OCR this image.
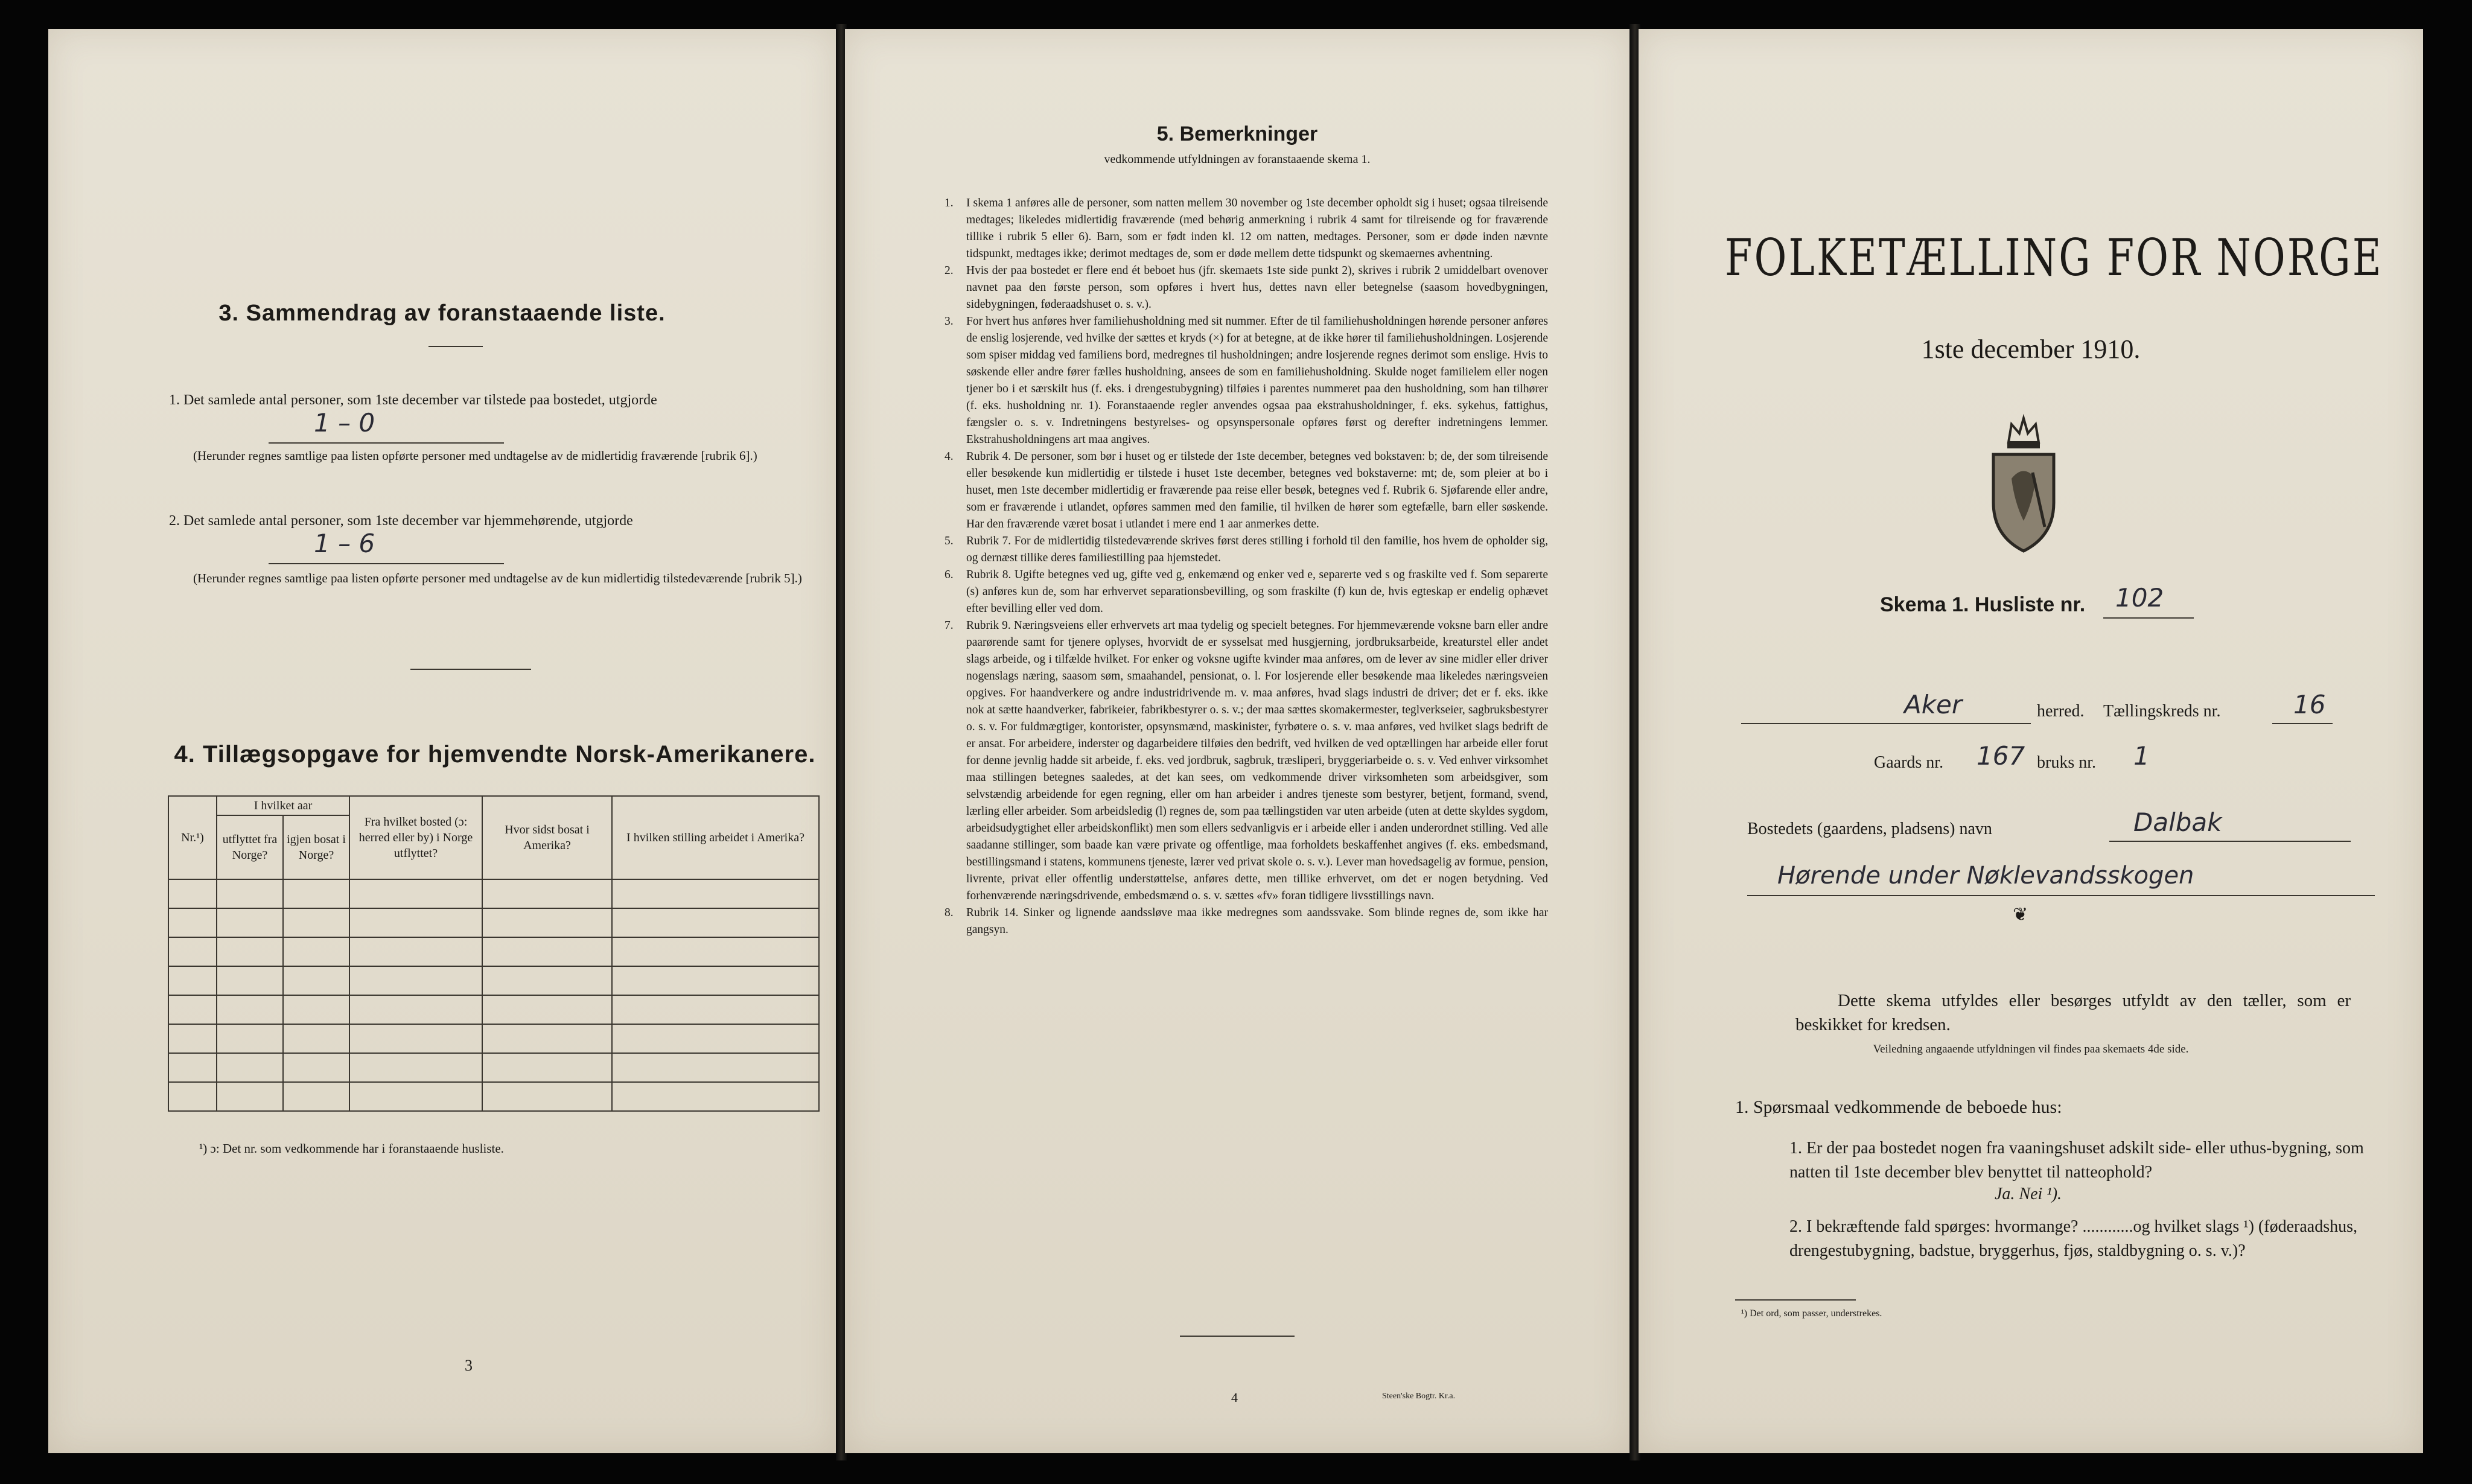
3. Sammendrag av foranstaaende liste.
1. Det samlede antal personer, som 1ste december var tilstede paa bostedet, utgjorde
1 – 0
(Herunder regnes samtlige paa listen opførte personer med undtagelse av de midlertidig fraværende [rubrik 6].)
2. Det samlede antal personer, som 1ste december var hjemmehørende, utgjorde
1 – 6
(Herunder regnes samtlige paa listen opførte personer med undtagelse av de kun midlertidig tilstedeværende [rubrik 5].)
4. Tillægsopgave for hjemvendte Norsk-Amerikanere.
Nr.¹)	I hvilket aar		Fra hvilket bosted (ɔ: herred eller by) i Norge utflyttet?	Hvor sidst bosat i Amerika?	I hvilken stilling arbeidet i Amerika?
	utflyttet fra Norge?	igjen bosat i Norge?			

¹) ɔ: Det nr. som vedkommende har i foranstaaende husliste.
3
5. Bemerkninger
vedkommende utfyldningen av foranstaaende skema 1.
1.	I skema 1 anføres alle de personer, som natten mellem 30 november og 1ste december opholdt sig i huset; ogsaa tilreisende medtages; likeledes midlertidig fraværende (med behørig anmerkning i rubrik 4 samt for tilreisende og for fraværende tillike i rubrik 5 eller 6). Barn, som er født inden kl. 12 om natten, medtages. Personer, som er døde inden nævnte tidspunkt, medtages ikke; derimot medtages de, som er døde mellem dette tidspunkt og skemaernes avhentning.
2.	Hvis der paa bostedet er flere end ét beboet hus (jfr. skemaets 1ste side punkt 2), skrives i rubrik 2 umiddelbart ovenover navnet paa den første person, som opføres i hvert hus, dettes navn eller betegnelse (saasom hovedbygningen, sidebygningen, føderaadshuset o. s. v.).
3.	For hvert hus anføres hver familiehusholdning med sit nummer. Efter de til familiehusholdningen hørende personer anføres de enslig losjerende, ved hvilke der sættes et kryds (×) for at betegne, at de ikke hører til familiehusholdningen. Losjerende som spiser middag ved familiens bord, medregnes til husholdningen; andre losjerende regnes derimot som enslige. Hvis to søskende eller andre fører fælles husholdning, ansees de som en familiehusholdning. Skulde noget familielem eller nogen tjener bo i et særskilt hus (f. eks. i drengestubygning) tilføies i parentes nummeret paa den husholdning, som han tilhører (f. eks. husholdning nr. 1). Foranstaaende regler anvendes ogsaa paa ekstrahusholdninger, f. eks. sykehus, fattighus, fængsler o. s. v. Indretningens bestyrelses- og opsynspersonale opføres først og derefter indretningens lemmer. Ekstrahusholdningens art maa angives.
4.	Rubrik 4. De personer, som bør i huset og er tilstede der 1ste december, betegnes ved bokstaven: b; de, der som tilreisende eller besøkende kun midlertidig er tilstede i huset 1ste december, betegnes ved bokstaverne: mt; de, som pleier at bo i huset, men 1ste december midlertidig er fraværende paa reise eller besøk, betegnes ved f. Rubrik 6. Sjøfarende eller andre, som er fraværende i utlandet, opføres sammen med den familie, til hvilken de hører som egtefælle, barn eller søskende. Har den fraværende været bosat i utlandet i mere end 1 aar anmerkes dette.
5.	Rubrik 7. For de midlertidig tilstedeværende skrives først deres stilling i forhold til den familie, hos hvem de opholder sig, og dernæst tillike deres familiestilling paa hjemstedet.
6.	Rubrik 8. Ugifte betegnes ved ug, gifte ved g, enkemænd og enker ved e, separerte ved s og fraskilte ved f. Som separerte (s) anføres kun de, som har erhvervet separationsbevilling, og som fraskilte (f) kun de, hvis egteskap er endelig ophævet efter bevilling eller ved dom.
7.	Rubrik 9. Næringsveiens eller erhvervets art maa tydelig og specielt betegnes. For hjemmeværende voksne barn eller andre paarørende samt for tjenere oplyses, hvorvidt de er sysselsat med husgjerning, jordbruksarbeide, kreaturstel eller andet slags arbeide, og i tilfælde hvilket. For enker og voksne ugifte kvinder maa anføres, om de lever av sine midler eller driver nogenslags næring, saasom søm, smaahandel, pensionat, o. l. For losjerende eller besøkende maa likeledes næringsveien opgives. For haandverkere og andre industridrivende m. v. maa anføres, hvad slags industri de driver; det er f. eks. ikke nok at sætte haandverker, fabrikeier, fabrikbestyrer o. s. v.; der maa sættes skomakermester, teglverkseier, sagbruksbestyrer o. s. v. For fuldmægtiger, kontorister, opsynsmænd, maskinister, fyrbøtere o. s. v. maa anføres, ved hvilket slags bedrift de er ansat. For arbeidere, inderster og dagarbeidere tilføies den bedrift, ved hvilken de ved optællingen har arbeide eller forut for denne jevnlig hadde sit arbeide, f. eks. ved jordbruk, sagbruk, træsliperi, bryggeriarbeide o. s. v. Ved enhver virksomhet maa stillingen betegnes saaledes, at det kan sees, om vedkommende driver virksomheten som arbeidsgiver, som selvstændig arbeidende for egen regning, eller om han arbeider i andres tjeneste som bestyrer, betjent, formand, svend, lærling eller arbeider. Som arbeidsledig (l) regnes de, som paa tællingstiden var uten arbeide (uten at dette skyldes sygdom, arbeidsudygtighet eller arbeidskonflikt) men som ellers sedvanligvis er i arbeide eller i anden underordnet stilling. Ved alle saadanne stillinger, som baade kan være private og offentlige, maa forholdets beskaffenhet angives (f. eks. embedsmand, bestillingsmand i statens, kommunens tjeneste, lærer ved privat skole o. s. v.). Lever man hovedsagelig av formue, pension, livrente, privat eller offentlig understøttelse, anføres dette, men tillike erhvervet, om det er nogen betydning. Ved forhenværende næringsdrivende, embedsmænd o. s. v. sættes «fv» foran tidligere livsstillings navn.
8.	Rubrik 14. Sinker og lignende aandssløve maa ikke medregnes som aandssvake. Som blinde regnes de, som ikke har gangsyn.
4	Steen'ske Bogtr. Kr.a.
FOLKETÆLLING FOR NORGE
1ste december 1910.
Skema 1. Husliste nr. 102
Aker	herred. Tællingskreds nr.	16
Gaards nr. 167 bruks nr. 1
Bostedets (gaardens, pladsens) navn	Dalbak
Hørende under Nøklevandsskogen
❦
Dette skema utfyldes eller besørges utfyldt av den tæller, som er beskikket for kredsen.
Veiledning angaaende utfyldningen vil findes paa skemaets 4de side.
1. Spørsmaal vedkommende de beboede hus:
1. Er der paa bostedet nogen fra vaaningshuset adskilt side- eller uthus-bygning, som natten til 1ste december blev benyttet til natteophold?
Ja. Nei ¹).
2. I bekræftende fald spørges: hvormange? ............og hvilket slags ¹) (føderaadshus, drengestubygning, badstue, bryggerhus, fjøs, staldbygning o. s. v.)?
¹) Det ord, som passer, understrekes.
